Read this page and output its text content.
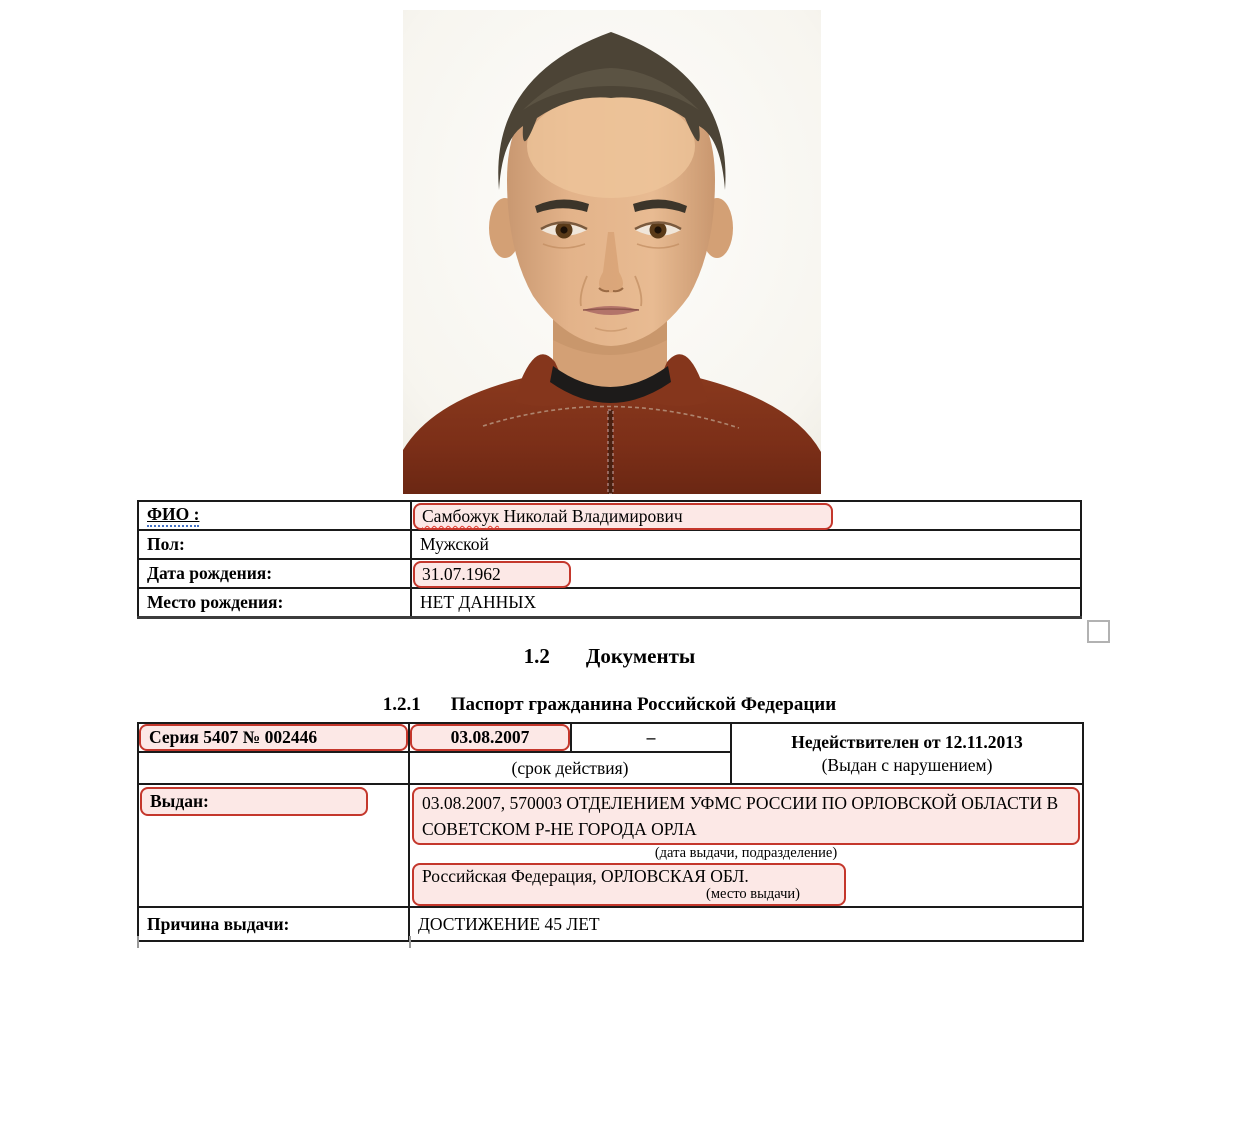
ФИО :	Самбожук Николай Владимирович

Пол:	Мужской
Дата рождения:	31.07.1962

Место рождения:	НЕТ ДАННЫХ
1.2 Документы
1.2.1 Паспорт гражданина Российской Федерации
Серия 5407 № 002446	03.08.2007	–	Недействителен от 12.11.2013
(Выдан с нарушением)

	(срок действия)		

Выдан:	03.08.2007, 570003 ОТДЕЛЕНИЕМ УФМС РОССИИ ПО ОРЛОВСКОЙ ОБЛАСТИ В СОВЕТСКОМ Р-НЕ ГОРОДА ОРЛА
(дата выдачи, подразделение)
Российская Федерация, ОРЛОВСКАЯ ОБЛ.
(место выдачи)		

Причина выдачи:	ДОСТИЖЕНИЕ 45 ЛЕТ		
